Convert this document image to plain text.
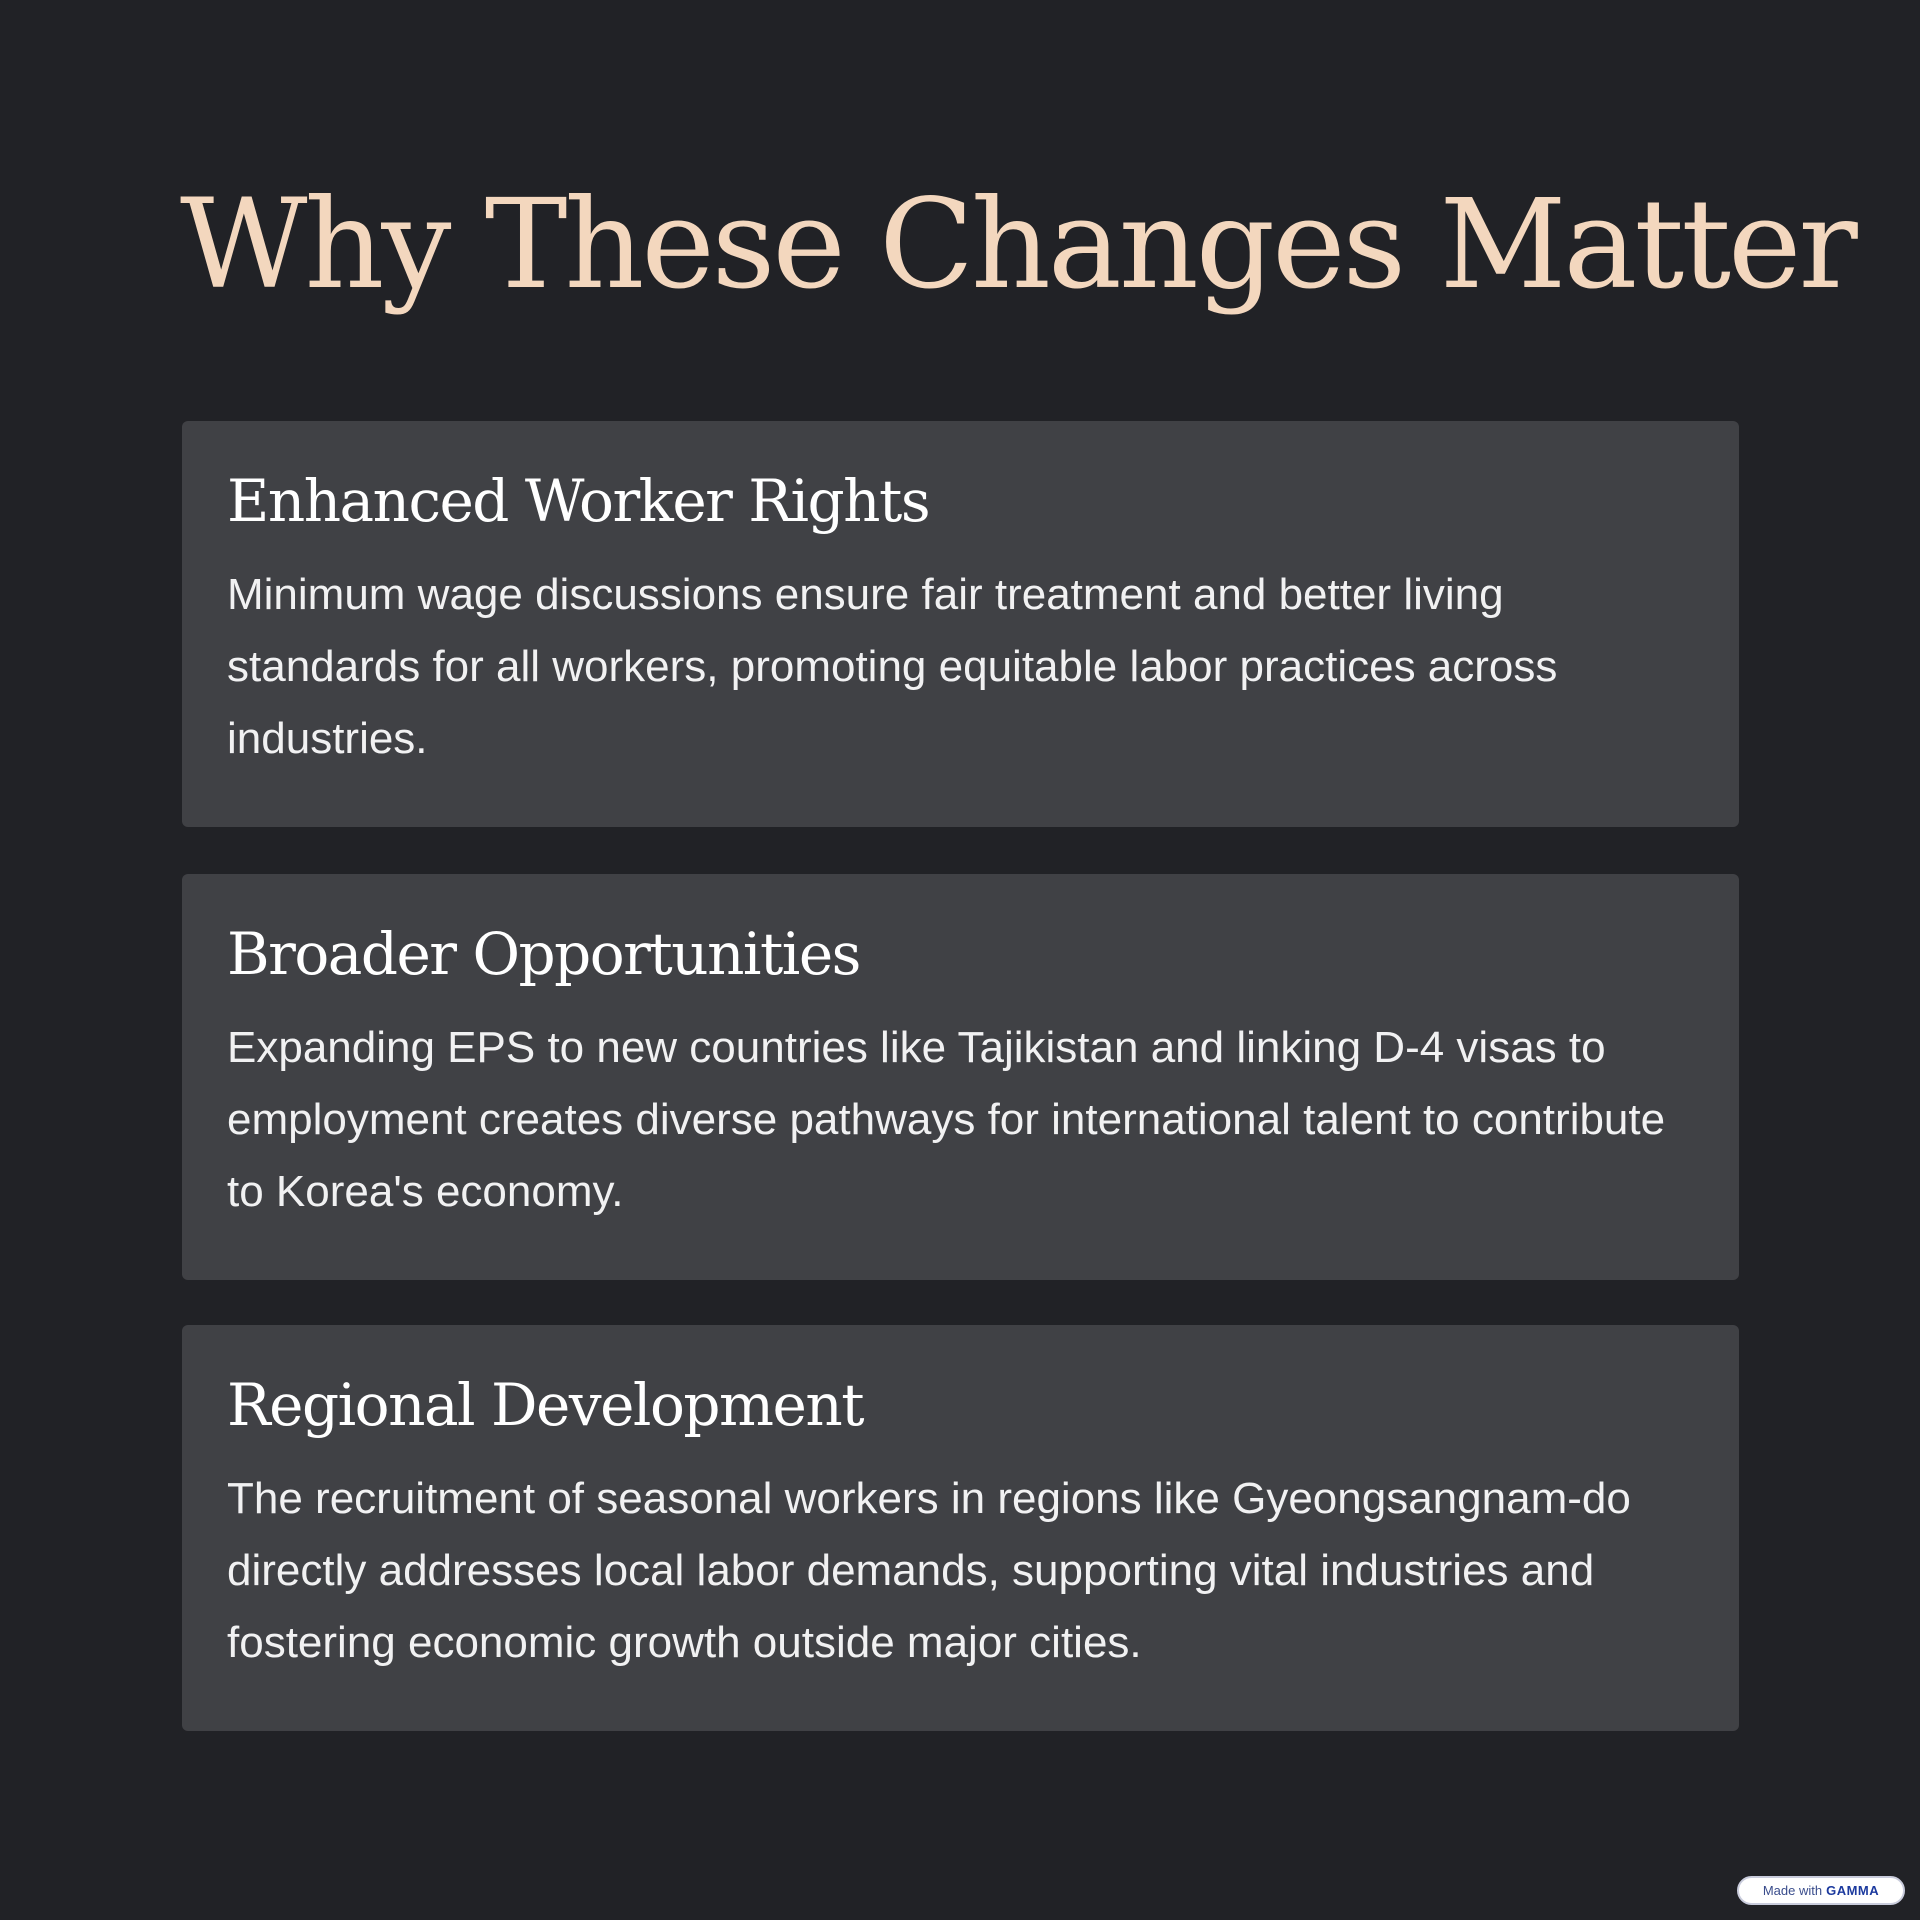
Why These Changes Matter
Enhanced Worker Rights

Minimum wage discussions ensure fair treatment and better living standards for all workers, promoting equitable labor practices across industries.

Broader Opportunities

Expanding EPS to new countries like Tajikistan and linking D-4 visas to employment creates diverse pathways for international talent to contribute to Korea's economy.

Regional Development

The recruitment of seasonal workers in regions like Gyeongsangnam-do directly addresses local labor demands, supporting vital industries and fostering economic growth outside major cities.

Made with GAMMA
